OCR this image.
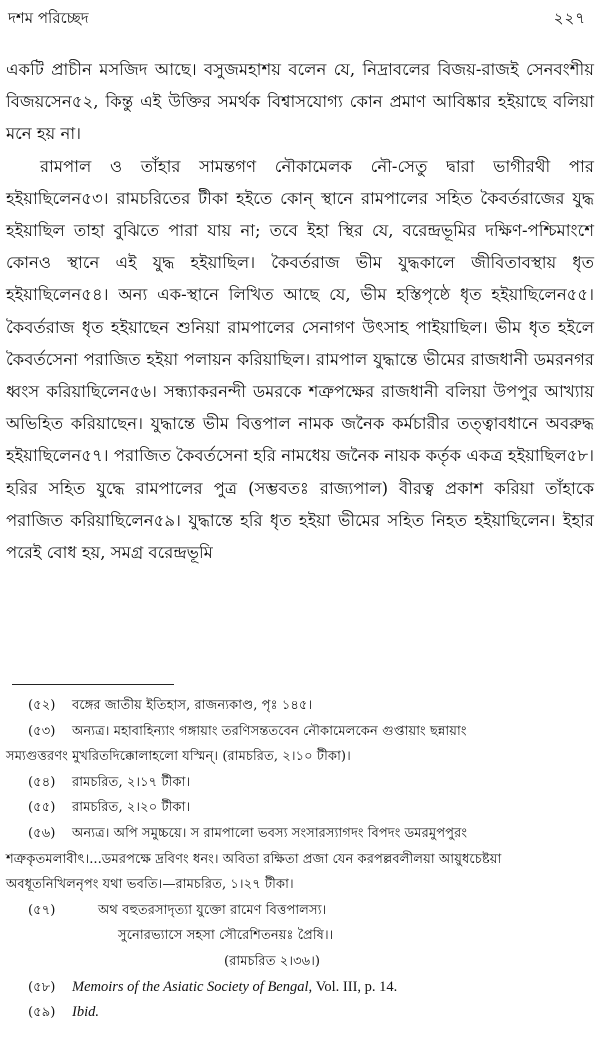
দশম পরিচ্ছেদ	২২৭

একটি প্রাচীন মসজিদ আছে। বসুজমহাশয় বলেন যে, নিদ্রাবলের বিজয়-রাজই সেনবংশীয় বিজয়সেন৫২, কিন্তু এই উক্তির সমর্থক বিশ্বাসযোগ্য কোন প্রমাণ আবিষ্কার হইয়াছে বলিয়া মনে হয় না।

রামপাল ও তাঁহার সামন্তগণ নৌকামেলক নৌ-সেতু দ্বারা ভাগীরথী পার হইয়াছিলেন৫৩। রামচরিতের টীকা হইতে কোন্ স্থানে রামপালের সহিত কৈবর্তরাজের যুদ্ধ হইয়াছিল তাহা বুঝিতে পারা যায় না; তবে ইহা স্থির যে, বরেন্দ্রভূমির দক্ষিণ-পশ্চিমাংশে কোনও স্থানে এই যুদ্ধ হইয়াছিল। কৈবর্তরাজ ভীম যুদ্ধকালে জীবিতাবস্থায় ধৃত হইয়াছিলেন৫৪। অন্য এক-স্থানে লিখিত আছে যে, ভীম হস্তিপৃষ্ঠে ধৃত হইয়াছিলেন৫৫। কৈবর্তরাজ ধৃত হইয়াছেন শুনিয়া রামপালের সেনাগণ উৎসাহ পাইয়াছিল। ভীম ধৃত হইলে কৈবর্তসেনা পরাজিত হইয়া পলায়ন করিয়াছিল। রামপাল যুদ্ধান্তে ভীমের রাজধানী ডমরনগর ধ্বংস করিয়াছিলেন৫৬। সন্ধ্যাকরনন্দী ডমরকে শত্রুপক্ষের রাজধানী বলিয়া উপপুর আখ্যায় অভিহিত করিয়াছেন। যুদ্ধান্তে ভীম বিত্তপাল নামক জনৈক কর্মচারীর তত্ত্বাবধানে অবরুদ্ধ হইয়াছিলেন৫৭। পরাজিত কৈবর্তসেনা হরি নামধেয় জনৈক নায়ক কর্তৃক একত্র হইয়াছিল৫৮। হরির সহিত যুদ্ধে রামপালের পুত্র (সম্ভবতঃ রাজ্যপাল) বীরত্ব প্রকাশ করিয়া তাঁহাকে পরাজিত করিয়াছিলেন৫৯। যুদ্ধান্তে হরি ধৃত হইয়া ভীমের সহিত নিহত হইয়াছিলেন। ইহার পরেই বোধ হয়, সমগ্র বরেন্দ্রভূমি

(৫২)	বঙ্গের জাতীয় ইতিহাস, রাজন্যকাণ্ড, পৃঃ ১৪৫।
(৫৩)	অন্যত্র। মহাবাহিন্যাং গঙ্গায়াং তরণিসন্ততবেন নৌকামেলকেন গুপ্তায়াং ছন্নায়াং
সম্যগুত্তরণং মুখরিতদিক্কোলাহলো যস্মিন্‌। (রামচরিত, ২।১০ টীকা)।
(৫৪)	রামচরিত, ২।১৭ টীকা।
(৫৫)	রামচরিত, ২।২০ টীকা।
(৫৬)	অন্যত্র। অপি সমুচ্চয়ে। স রামপালো ভবস্য সংসারস্যাগদং বিপদং ডমরমুপপুরং
শত্রুকৃতমলাবীৎ।...ডমরপক্ষে দ্রবিণং ধনং। অবিতা রক্ষিতা প্রজা যেন করপল্লবলীলয়া আয়ুধচেষ্টয়া
অবধূতনিখিলনৃপং যথা ভবতি।—রামচরিত, ১।২৭ টীকা।
(৫৭)	অথ বহুতরসাদৃত্যা যুক্তো রামেণ বিত্তপালস্য।
সুনোরভ্যাসে সহসা সৌরেশিতনয়ঃ প্রৈষি।।
(রামচরিত ২।৩৬।)
(৫৮)	Memoirs of the Asiatic Society of Bengal, Vol. III, p. 14.
(৫৯)	Ibid.
